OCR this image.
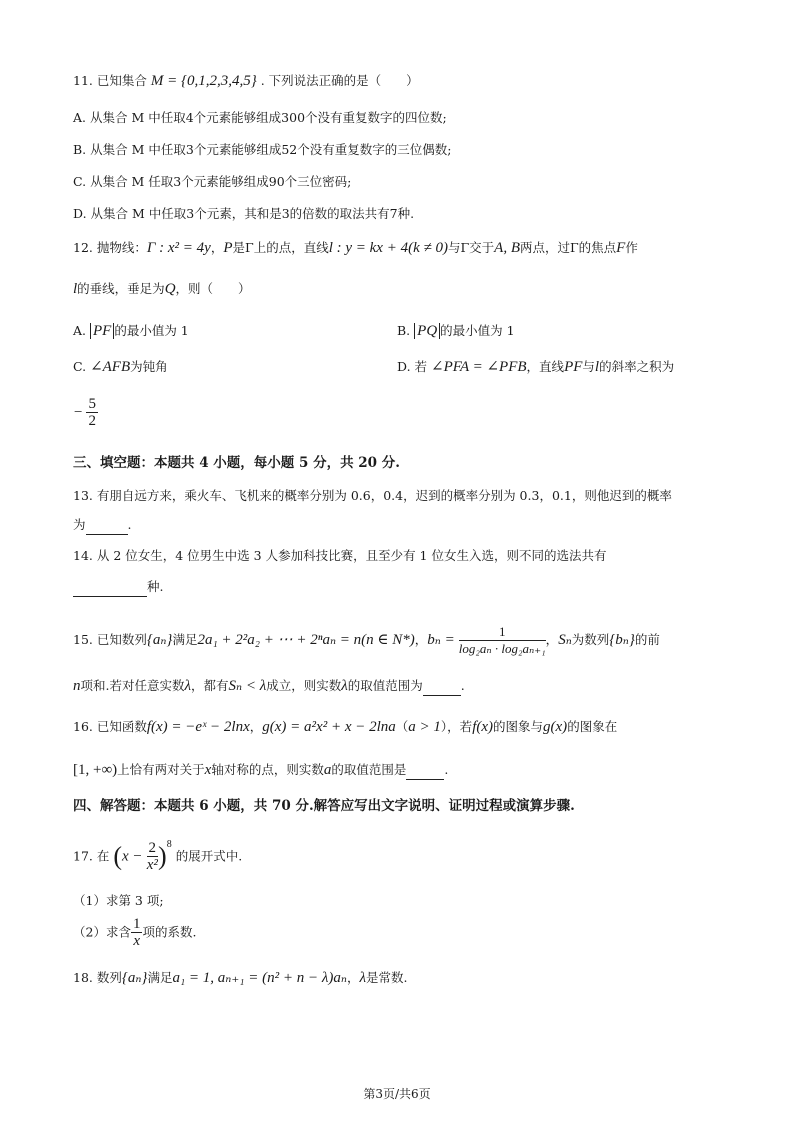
11. 已知集合 M = {0,1,2,3,4,5} . 下列说法正确的是（　　）
A. 从集合 M 中任取4个元素能够组成300个没有重复数字的四位数;
B. 从集合 M 中任取3个元素能够组成52个没有重复数字的三位偶数;
C. 从集合 M 任取3个元素能够组成90个三位密码;
D. 从集合 M 中任取3个元素，其和是3的倍数的取法共有7种.
12. 抛物线：Γ : x² = 4y，P是Γ上的点，直线l : y = kx + 4(k ≠ 0)与Γ交于A, B两点，过Γ的焦点F作
l的垂线，垂足为Q，则（　　）
A. PF 的最小值为 1	B. PQ 的最小值为 1
C. ∠AFB为钝角	D. 若 ∠PFA = ∠PFB，直线PF与l的斜率之积为
− $\frac{5}{2}$
三、填空题：本题共 4 小题，每小题 5 分，共 20 分.
13. 有朋自远方来，乘火车、飞机来的概率分别为 0.6，0.4，迟到的概率分别为 0.3，0.1，则他迟到的概率
为	.
14. 从 2 位女生，4 位男生中选 3 人参加科技比赛，且至少有 1 位女生入选，则不同的选法共有
种.
15. 已知数列{aₙ}满足2a₁ + 2²a₂ + ⋯ + 2ⁿaₙ = n(n ∈ N*)，$b_n = \frac{1}{\text{log₂aₙ · log₂aₙ₊₁}}$ ，Sₙ为数列{bₙ}的前
n项和.若对任意实数λ，都有Sₙ < λ成立，则实数λ的取值范围为	.
16. 已知函数f(x) = −eˣ − 2lnx，g(x) = a²x² + x − 2lna（a > 1），若f(x)的图象与g(x)的图象在
[1, +∞)上恰有两对关于x轴对称的点，则实数a的取值范围是	.
四、解答题：本题共 6 小题，共 70 分.解答应写出文字说明、证明过程或演算步骤.
17. 在 $(x - \frac{2}{\text{x²}} )^8$ 的展开式中.
（1）求第 3 项;
（2）求含 $\frac{1}{x}$ 项的系数.
18. 数列{aₙ}满足a₁ = 1, aₙ₊₁ = (n² + n − λ)aₙ，λ是常数.
第3页/共6页
